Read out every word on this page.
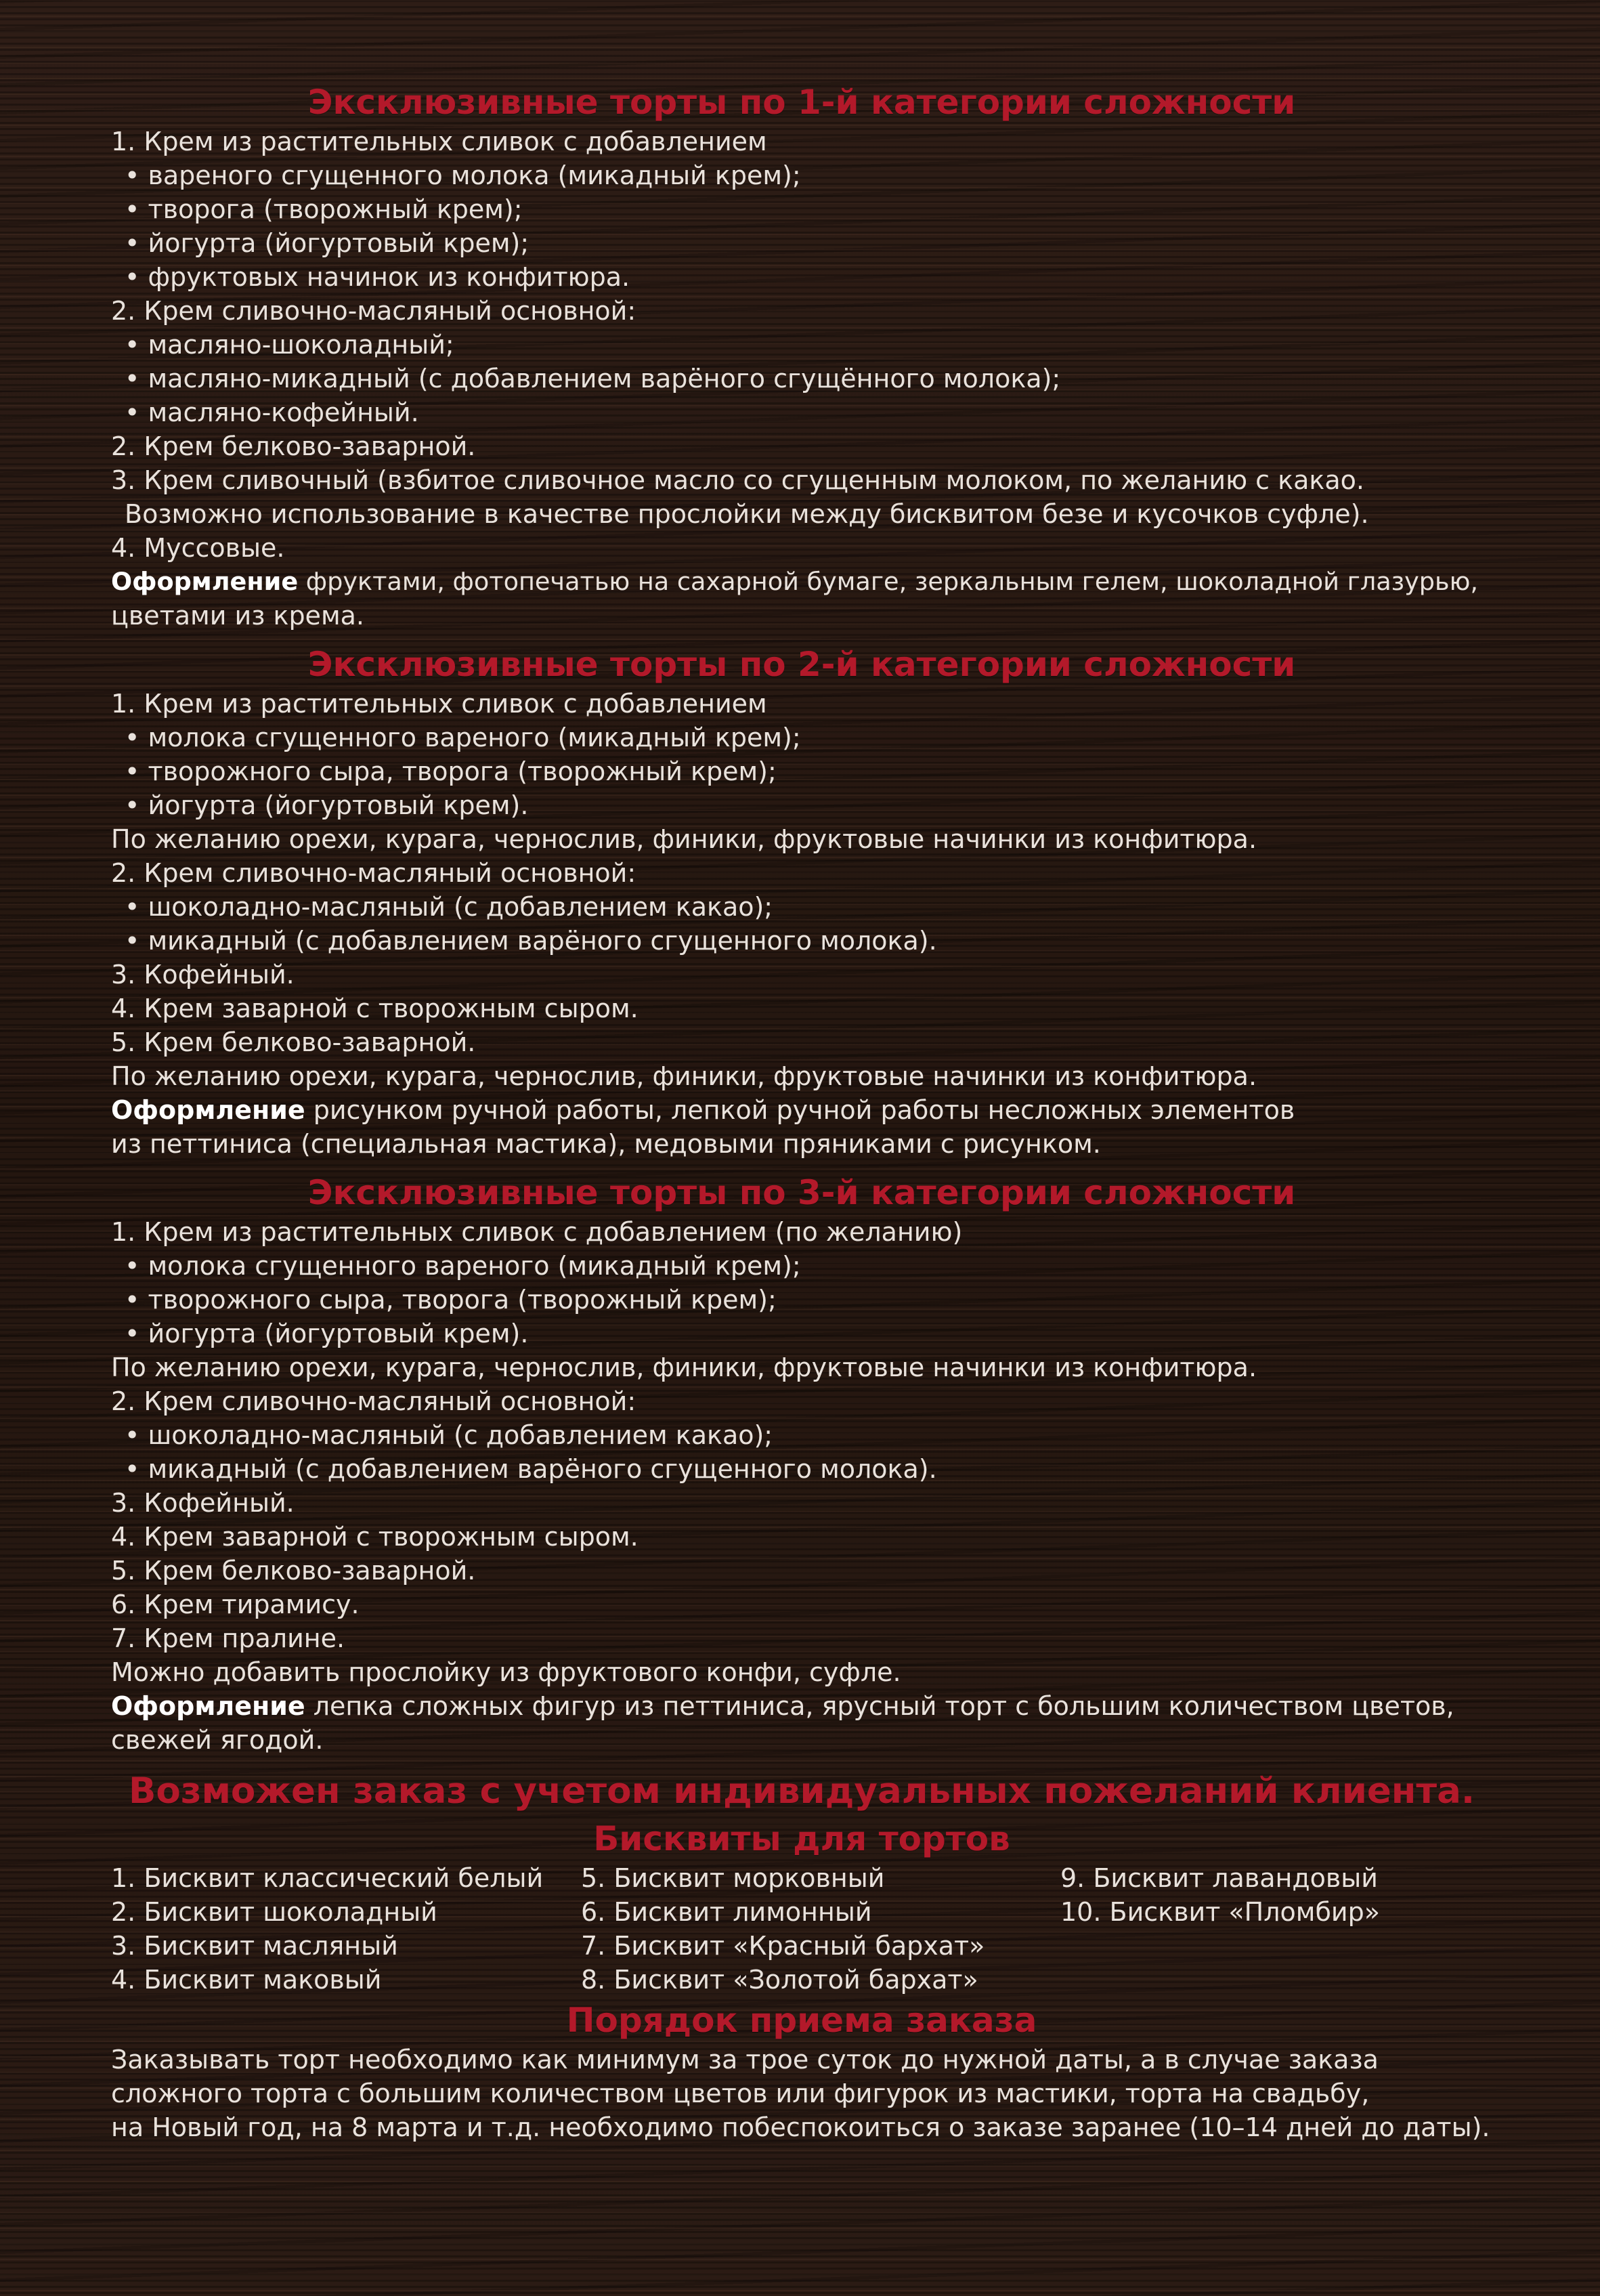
Эксклюзивные торты по 1-й категории сложности
1. Крем из растительных сливок с добавлением
• вареного сгущенного молока (микадный крем);
• творога (творожный крем);
• йогурта (йогуртовый крем);
• фруктовых начинок из конфитюра.
2. Крем сливочно-масляный основной:
• масляно-шоколадный;
• масляно-микадный (с добавлением варёного сгущённого молока);
• масляно-кофейный.
2. Крем белково-заварной.
3. Крем сливочный (взбитое сливочное масло со сгущенным молоком, по желанию с какао.
Возможно использование в качестве прослойки между бисквитом безе и кусочков суфле).
4. Муссовые.
Оформление фруктами, фотопечатью на сахарной бумаге, зеркальным гелем, шоколадной глазурью,
цветами из крема.
Эксклюзивные торты по 2-й категории сложности
1. Крем из растительных сливок с добавлением
• молока сгущенного вареного (микадный крем);
• творожного сыра, творога (творожный крем);
• йогурта (йогуртовый крем).
По желанию орехи, курага, чернослив, финики, фруктовые начинки из конфитюра.
2. Крем сливочно-масляный основной:
• шоколадно-масляный (с добавлением какао);
• микадный (с добавлением варёного сгущенного молока).
3. Кофейный.
4. Крем заварной с творожным сыром.
5. Крем белково-заварной.
По желанию орехи, курага, чернослив, финики, фруктовые начинки из конфитюра.
Оформление рисунком ручной работы, лепкой ручной работы несложных элементов
из петтиниса (специальная мастика), медовыми пряниками с рисунком.
Эксклюзивные торты по 3-й категории сложности
1. Крем из растительных сливок с добавлением (по желанию)
• молока сгущенного вареного (микадный крем);
• творожного сыра, творога (творожный крем);
• йогурта (йогуртовый крем).
По желанию орехи, курага, чернослив, финики, фруктовые начинки из конфитюра.
2. Крем сливочно-масляный основной:
• шоколадно-масляный (с добавлением какао);
• микадный (с добавлением варёного сгущенного молока).
3. Кофейный.
4. Крем заварной с творожным сыром.
5. Крем белково-заварной.
6. Крем тирамису.
7. Крем пралине.
Можно добавить прослойку из фруктового конфи, суфле.
Оформление лепка сложных фигур из петтиниса, ярусный торт с большим количеством цветов,
свежей ягодой.
Возможен заказ с учетом индивидуальных пожеланий клиента.
Бисквиты для тортов
1. Бисквит классический белый
2. Бисквит шоколадный
3. Бисквит масляный
4. Бисквит маковый
5. Бисквит морковный
6. Бисквит лимонный
7. Бисквит «Красный бархат»
8. Бисквит «Золотой бархат»
9. Бисквит лавандовый
10. Бисквит «Пломбир»
Порядок приема заказа
Заказывать торт необходимо как минимум за трое суток до нужной даты, а в случае заказа
сложного торта с большим количеством цветов или фигурок из мастики, торта на свадьбу,
на Новый год, на 8 марта и т.д. необходимо побеспокоиться о заказе заранее (10–14 дней до даты).
